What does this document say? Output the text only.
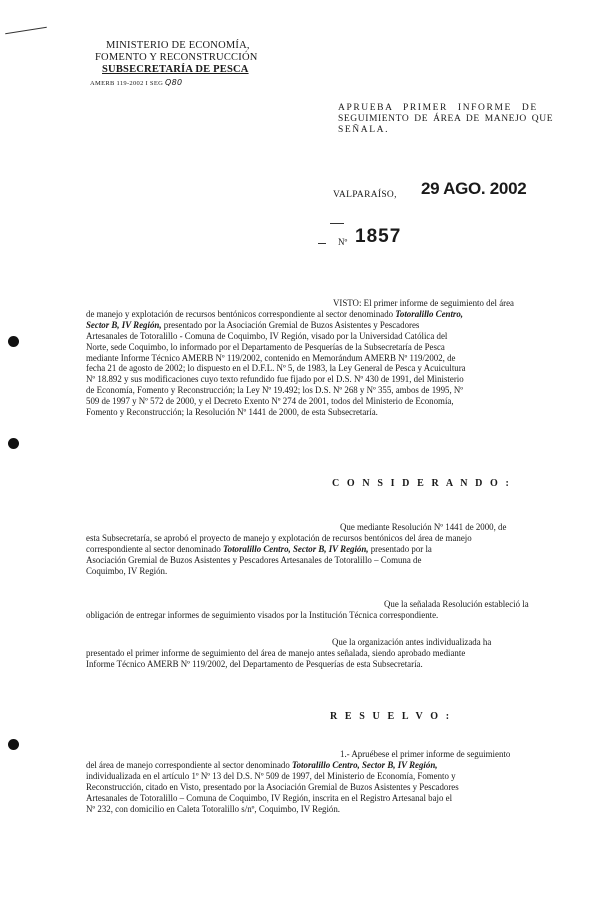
MINISTERIO DE ECONOMÍA,
FOMENTO Y RECONSTRUCCIÓN
SUBSECRETARÍA DE PESCA
AMERB 119-2002 I SEG Q80
APRUEBA PRIMER INFORME DE
SEGUIMIENTO DE ÁREA DE MANEJO QUE
SEÑALA.
VALPARAÍSO, 29 AGO. 2002
Nº 1857
VISTO: El primer informe de seguimiento del área
de manejo y explotación de recursos bentónicos correspondiente al sector denominado Totoralillo Centro,
Sector B, IV Región, presentado por la Asociación Gremial de Buzos Asistentes y Pescadores
Artesanales de Totoralillo - Comuna de Coquimbo, IV Región, visado por la Universidad Católica del
Norte, sede Coquimbo, lo informado por el Departamento de Pesquerías de la Subsecretaría de Pesca
mediante Informe Técnico AMERB Nº 119/2002, contenido en Memorándum AMERB Nº 119/2002, de
fecha 21 de agosto de 2002; lo dispuesto en el D.F.L. Nº 5, de 1983, la Ley General de Pesca y Acuicultura
Nº 18.892 y sus modificaciones cuyo texto refundido fue fijado por el D.S. Nº 430 de 1991, del Ministerio
de Economía, Fomento y Reconstrucción; la Ley Nº 19.492; los D.S. Nº 268 y Nº 355, ambos de 1995, Nº
509 de 1997 y Nº 572 de 2000, y el Decreto Exento Nº 274 de 2001, todos del Ministerio de Economía,
Fomento y Reconstrucción; la Resolución Nº 1441 de 2000, de esta Subsecretaría.
C O N S I D E R A N D O :
Que mediante Resolución Nº 1441 de 2000, de
esta Subsecretaría, se aprobó el proyecto de manejo y explotación de recursos bentónicos del área de manejo
correspondiente al sector denominado Totoralillo Centro, Sector B, IV Región, presentado por la
Asociación Gremial de Buzos Asistentes y Pescadores Artesanales de Totoralillo – Comuna de
Coquimbo, IV Región.
Que la señalada Resolución estableció la
obligación de entregar informes de seguimiento visados por la Institución Técnica correspondiente.
Que la organización antes individualizada ha
presentado el primer informe de seguimiento del área de manejo antes señalada, siendo aprobado mediante
Informe Técnico AMERB Nº 119/2002, del Departamento de Pesquerías de esta Subsecretaría.
R E S U E L V O :
1.- Apruébese el primer informe de seguimiento
del área de manejo correspondiente al sector denominado Totoralillo Centro, Sector B, IV Región,
individualizada en el artículo 1º Nº 13 del D.S. Nº 509 de 1997, del Ministerio de Economía, Fomento y
Reconstrucción, citado en Visto, presentado por la Asociación Gremial de Buzos Asistentes y Pescadores
Artesanales de Totoralillo – Comuna de Coquimbo, IV Región, inscrita en el Registro Artesanal bajo el
Nº 232, con domicilio en Caleta Totoralillo s/nº, Coquimbo, IV Región.
